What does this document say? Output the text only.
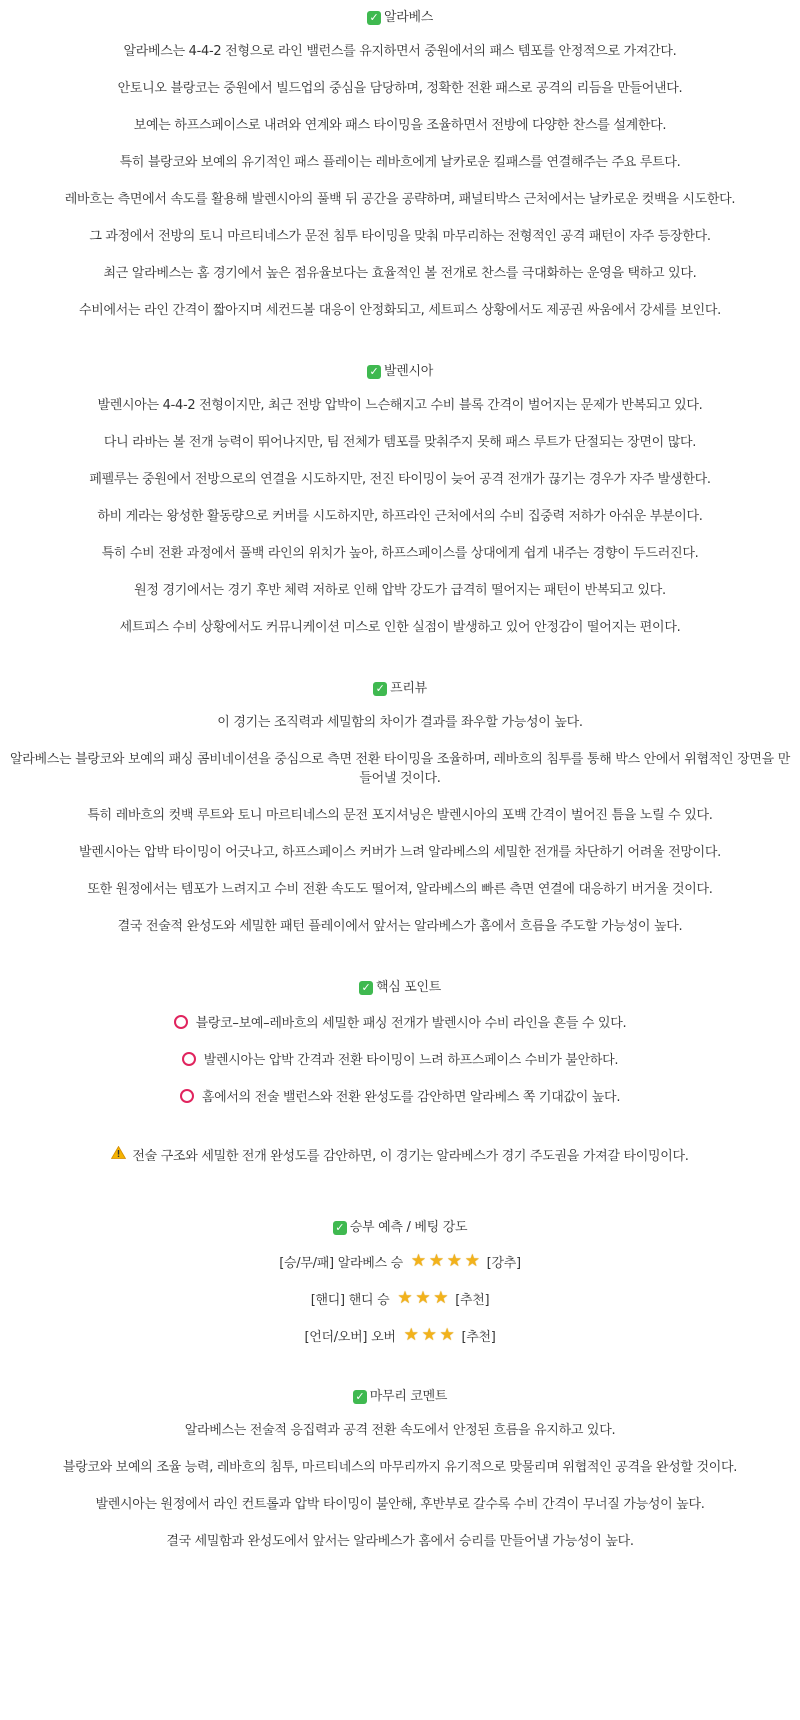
✓ 알라베스

알라베스는 4-4-2 전형으로 라인 밸런스를 유지하면서 중원에서의 패스 템포를 안정적으로 가져간다.

안토니오 블랑코는 중원에서 빌드업의 중심을 담당하며, 정확한 전환 패스로 공격의 리듬을 만들어낸다.

보예는 하프스페이스로 내려와 연계와 패스 타이밍을 조율하면서 전방에 다양한 찬스를 설계한다.

특히 블랑코와 보예의 유기적인 패스 플레이는 레바흐에게 날카로운 킬패스를 연결해주는 주요 루트다.

레바흐는 측면에서 속도를 활용해 발렌시아의 풀백 뒤 공간을 공략하며, 패널티박스 근처에서는 날카로운 컷백을 시도한다.

그 과정에서 전방의 토니 마르티네스가 문전 침투 타이밍을 맞춰 마무리하는 전형적인 공격 패턴이 자주 등장한다.

최근 알라베스는 홈 경기에서 높은 점유율보다는 효율적인 볼 전개로 찬스를 극대화하는 운영을 택하고 있다.

수비에서는 라인 간격이 짧아지며 세컨드볼 대응이 안정화되고, 세트피스 상황에서도 제공권 싸움에서 강세를 보인다.

✓ 발렌시아

발렌시아는 4-4-2 전형이지만, 최근 전방 압박이 느슨해지고 수비 블록 간격이 벌어지는 문제가 반복되고 있다.

다니 라바는 볼 전개 능력이 뛰어나지만, 팀 전체가 템포를 맞춰주지 못해 패스 루트가 단절되는 장면이 많다.

페펠루는 중원에서 전방으로의 연결을 시도하지만, 전진 타이밍이 늦어 공격 전개가 끊기는 경우가 자주 발생한다.

하비 게라는 왕성한 활동량으로 커버를 시도하지만, 하프라인 근처에서의 수비 집중력 저하가 아쉬운 부분이다.

특히 수비 전환 과정에서 풀백 라인의 위치가 높아, 하프스페이스를 상대에게 쉽게 내주는 경향이 두드러진다.

원정 경기에서는 경기 후반 체력 저하로 인해 압박 강도가 급격히 떨어지는 패턴이 반복되고 있다.

세트피스 수비 상황에서도 커뮤니케이션 미스로 인한 실점이 발생하고 있어 안정감이 떨어지는 편이다.

✓ 프리뷰

이 경기는 조직력과 세밀함의 차이가 결과를 좌우할 가능성이 높다.

알라베스는 블랑코와 보예의 패싱 콤비네이션을 중심으로 측면 전환 타이밍을 조율하며, 레바흐의 침투를 통해 박스 안에서 위협적인 장면을 만들어낼 것이다.

특히 레바흐의 컷백 루트와 토니 마르티네스의 문전 포지셔닝은 발렌시아의 포백 간격이 벌어진 틈을 노릴 수 있다.

발렌시아는 압박 타이밍이 어긋나고, 하프스페이스 커버가 느려 알라베스의 세밀한 전개를 차단하기 어려울 전망이다.

또한 원정에서는 템포가 느려지고 수비 전환 속도도 떨어져, 알라베스의 빠른 측면 연결에 대응하기 버거울 것이다.

결국 전술적 완성도와 세밀한 패턴 플레이에서 앞서는 알라베스가 홈에서 흐름을 주도할 가능성이 높다.

✓ 핵심 포인트
블랑코–보예–레바흐의 세밀한 패싱 전개가 발렌시아 수비 라인을 흔들 수 있다.
발렌시아는 압박 간격과 전환 타이밍이 느려 하프스페이스 수비가 불안하다.
홈에서의 전술 밸런스와 전환 완성도를 감안하면 알라베스 쪽 기대값이 높다.
전술 구조와 세밀한 전개 완성도를 감안하면, 이 경기는 알라베스가 경기 주도권을 가져갈 타이밍이다.
✓ 승부 예측 / 베팅 강도
[승/무/패] 알라베스 승 ★ ★ ★ ★ [강추]
[핸디] 핸디 승 ★ ★ ★ [추천]
[언더/오버] 오버 ★ ★ ★ [추천]
✓ 마무리 코멘트

알라베스는 전술적 응집력과 공격 전환 속도에서 안정된 흐름을 유지하고 있다.

블랑코와 보예의 조율 능력, 레바흐의 침투, 마르티네스의 마무리까지 유기적으로 맞물리며 위협적인 공격을 완성할 것이다.

발렌시아는 원정에서 라인 컨트롤과 압박 타이밍이 불안해, 후반부로 갈수록 수비 간격이 무너질 가능성이 높다.

결국 세밀함과 완성도에서 앞서는 알라베스가 홈에서 승리를 만들어낼 가능성이 높다.
